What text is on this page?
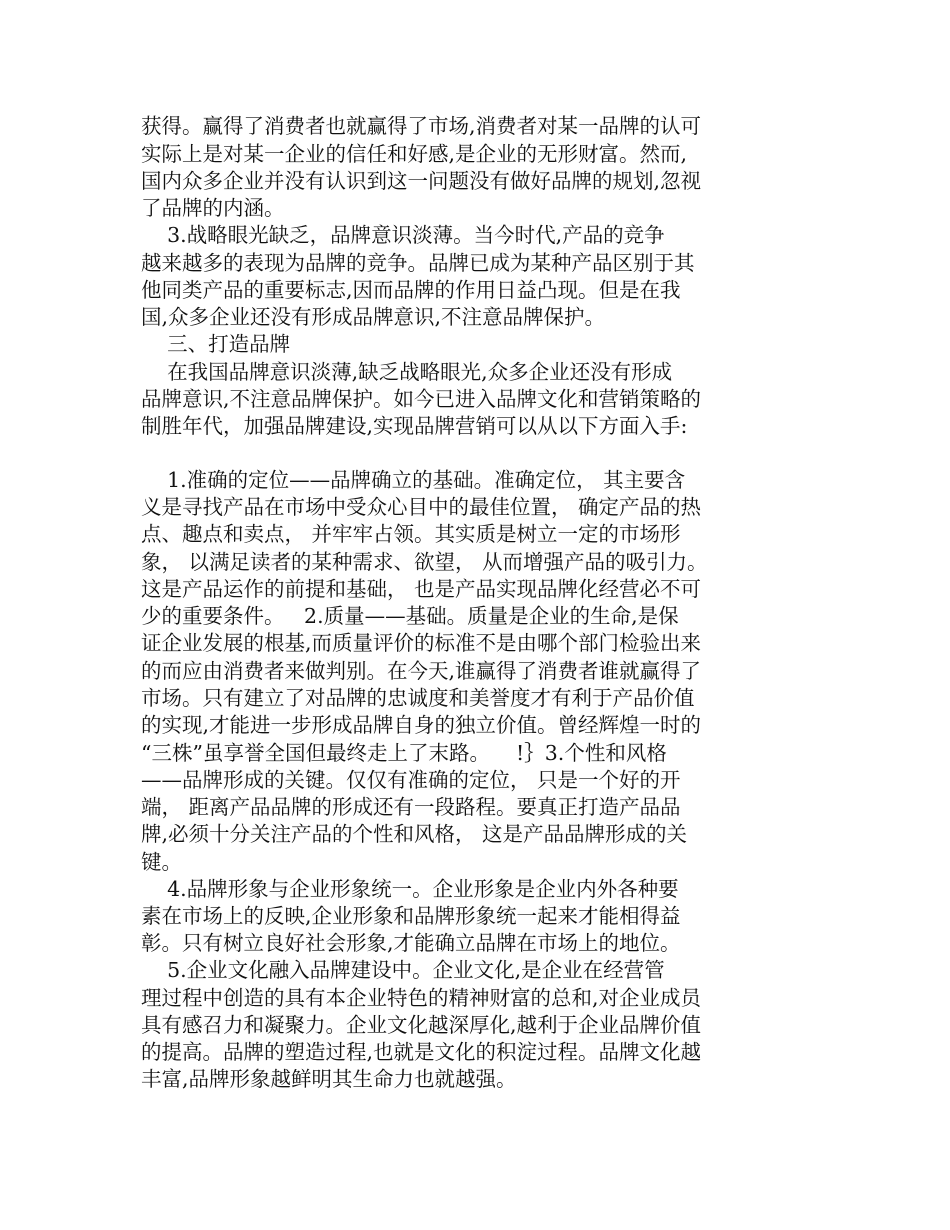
获得。赢得了消费者也就赢得了市场,消费者对某一品牌的认可
实际上是对某一企业的信任和好感,是企业的无形财富。然而,
国内众多企业并没有认识到这一问题没有做好品牌的规划,忽视
了品牌的内涵。
3.战略眼光缺乏，品牌意识淡薄。当今时代,产品的竞争
越来越多的表现为品牌的竞争。品牌已成为某种产品区别于其
他同类产品的重要标志,因而品牌的作用日益凸现。但是在我
国,众多企业还没有形成品牌意识,不注意品牌保护。
三、打造品牌
在我国品牌意识淡薄,缺乏战略眼光,众多企业还没有形成
品牌意识,不注意品牌保护。如今已进入品牌文化和营销策略的
制胜年代，加强品牌建设,实现品牌营销可以从以下方面入手:
1.准确的定位——品牌确立的基础。准确定位， 其主要含
义是寻找产品在市场中受众心目中的最佳位置， 确定产品的热
点、趣点和卖点， 并牢牢占领。其实质是树立一定的市场形
象， 以满足读者的某种需求、欲望， 从而增强产品的吸引力。
这是产品运作的前提和基础， 也是产品实现品牌化经营必不可
少的重要条件。   2.质量——基础。质量是企业的生命,是保
证企业发展的根基,而质量评价的标准不是由哪个部门检验出来
的而应由消费者来做判别。在今天,谁赢得了消费者谁就赢得了
市场。只有建立了对品牌的忠诚度和美誉度才有利于产品价值
的实现,才能进一步形成品牌自身的独立价值。曾经辉煌一时的
“三株”虽享誉全国但最终走上了末路。    !｝3.个性和风格
——品牌形成的关键。仅仅有准确的定位， 只是一个好的开
端， 距离产品品牌的形成还有一段路程。要真正打造产品品
牌,必须十分关注产品的个性和风格， 这是产品品牌形成的关
键。
4.品牌形象与企业形象统一。企业形象是企业内外各种要
素在市场上的反映,企业形象和品牌形象统一起来才能相得益
彰。只有树立良好社会形象,才能确立品牌在市场上的地位。
5.企业文化融入品牌建设中。企业文化,是企业在经营管
理过程中创造的具有本企业特色的精神财富的总和,对企业成员
具有感召力和凝聚力。企业文化越深厚化,越利于企业品牌价值
的提高。品牌的塑造过程,也就是文化的积淀过程。品牌文化越
丰富,品牌形象越鲜明其生命力也就越强。
